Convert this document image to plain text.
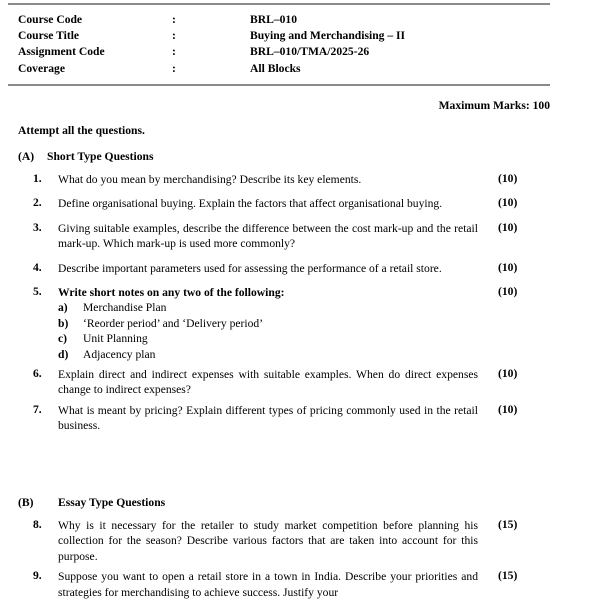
Course Code	:	BRL–010
Course Title	:	Buying and Merchandising – II
Assignment Code	:	BRL–010/TMA/2025-26
Coverage	:	All Blocks
Maximum Marks: 100
Attempt all the questions.
(A)	Short Type Questions
1.	What do you mean by merchandising? Describe its key elements.	(10)
2.	Define organisational buying. Explain the factors that affect organisational buying.	(10)
3.	Giving suitable examples, describe the difference between the cost mark-up and the retail mark-up. Which mark-up is used more commonly?
(10)
4.	Describe important parameters used for assessing the performance of a retail store.	(10)
5.	Write short notes on any two of the following:	(10)
a) Merchandise Plan
b) ‘Reorder period’ and ‘Delivery period’
c) Unit Planning
d) Adjacency plan
6.	Explain direct and indirect expenses with suitable examples. When do direct expenses change to indirect expenses?
(10)
7.	What is meant by pricing? Explain different types of pricing commonly used in the retail business.
(10)
(B)	Essay Type Questions
8.	Why is it necessary for the retailer to study market competition before planning his collection for the season? Describe various factors that are taken into account for this purpose.
(15)
9.	Suppose you want to open a retail store in a town in India. Describe your priorities and strategies for merchandising to achieve success. Justify your
(15)
